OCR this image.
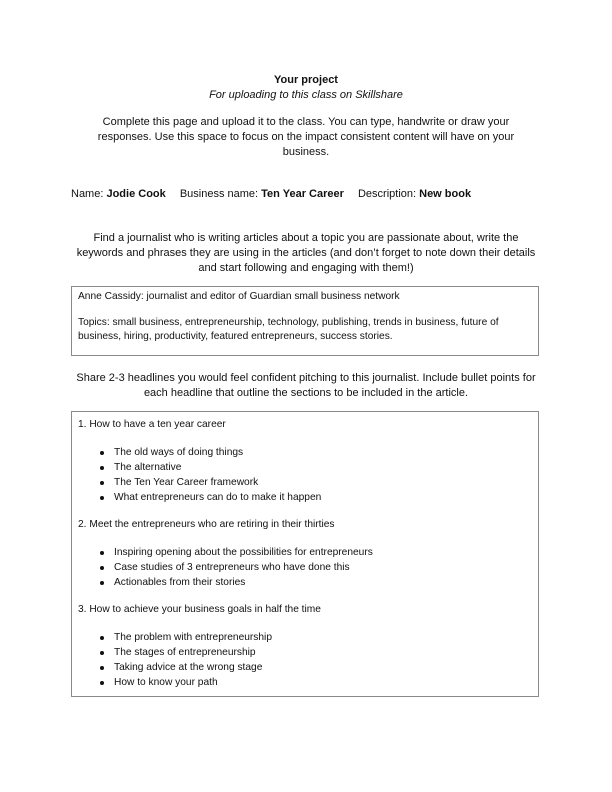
Your project
For uploading to this class on Skillshare
Complete this page and upload it to the class. You can type, handwrite or draw your responses. Use this space to focus on the impact consistent content will have on your business.
Name: Jodie Cook Business name: Ten Year Career Description: New book
Find a journalist who is writing articles about a topic you are passionate about, write the keywords and phrases they are using in the articles (and don’t forget to note down their details and start following and engaging with them!)

Anne Cassidy: journalist and editor of Guardian small business network

Topics: small business, entrepreneurship, technology, publishing, trends in business, future of business, hiring, productivity, featured entrepreneurs, success stories.

Share 2-3 headlines you would feel confident pitching to this journalist. Include bullet points for each headline that outline the sections to be included in the article.

1. How to have a ten year career

The old ways of doing things
The alternative
The Ten Year Career framework
What entrepreneurs can do to make it happen

2. Meet the entrepreneurs who are retiring in their thirties

Inspiring opening about the possibilities for entrepreneurs
Case studies of 3 entrepreneurs who have done this
Actionables from their stories

3. How to achieve your business goals in half the time

The problem with entrepreneurship
The stages of entrepreneurship
Taking advice at the wrong stage
How to know your path
